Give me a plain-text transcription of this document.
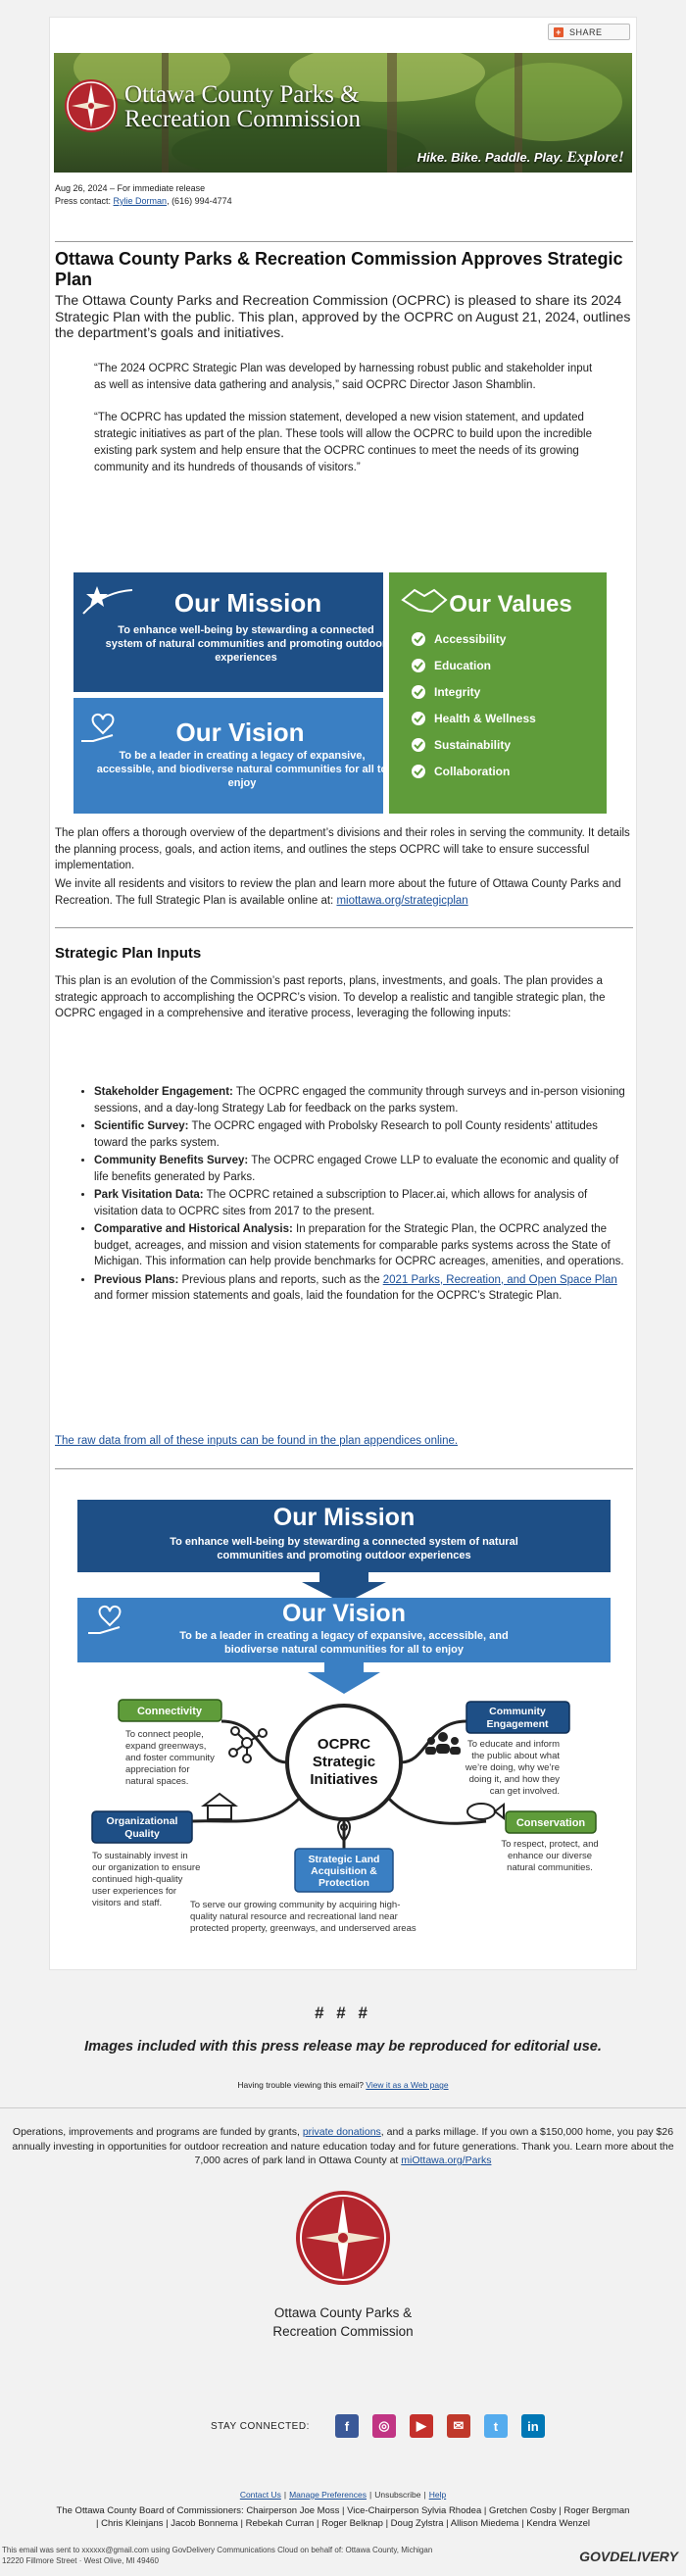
+ SHARE
Ottawa County Parks &
Recreation Commission
Hike. Bike. Paddle. Play. Explore!
Aug 26, 2024 – For immediate release
Press contact: Rylie Dorman, (616) 994-4774
Ottawa County Parks & Recreation Commission Approves Strategic Plan

The Ottawa County Parks and Recreation Commission (OCPRC) is pleased to share its 2024 Strategic Plan with the public. This plan, approved by the OCPRC on August 21, 2024, outlines the department’s goals and initiatives.

“The 2024 OCPRC Strategic Plan was developed by harnessing robust public and stakeholder input as well as intensive data gathering and analysis,” said OCPRC Director Jason Shamblin.

“The OCPRC has updated the mission statement, developed a new vision statement, and updated strategic initiatives as part of the plan. These tools will allow the OCPRC to build upon the incredible existing park system and help ensure that the OCPRC continues to meet the needs of its growing community and its hundreds of thousands of visitors.”

Our Mission
To enhance well-being by stewarding a connected system of natural communities and promoting outdoor experiences
Our Vision
To be a leader in creating a legacy of expansive, accessible, and biodiverse natural communities for all to enjoy
Our Values
Accessibility
Education
Integrity
Health & Wellness
Sustainability
Collaboration

The plan offers a thorough overview of the department’s divisions and their roles in serving the community. It details the planning process, goals, and action items, and outlines the steps OCPRC will take to ensure successful implementation.

We invite all residents and visitors to review the plan and learn more about the future of Ottawa County Parks and Recreation. The full Strategic Plan is available online at: miottawa.org/strategicplan

Strategic Plan Inputs

This plan is an evolution of the Commission’s past reports, plans, investments, and goals. The plan provides a strategic approach to accomplishing the OCPRC’s vision. To develop a realistic and tangible strategic plan, the OCPRC engaged in a comprehensive and iterative process, leveraging the following inputs:

• Stakeholder Engagement: The OCPRC engaged the community through surveys and in-person visioning sessions, and a day-long Strategy Lab for feedback on the parks system.
• Scientific Survey: The OCPRC engaged with Probolsky Research to poll County residents’ attitudes toward the parks system.
• Community Benefits Survey: The OCPRC engaged Crowe LLP to evaluate the economic and quality of life benefits generated by Parks.
• Park Visitation Data: The OCPRC retained a subscription to Placer.ai, which allows for analysis of visitation data to OCPRC sites from 2017 to the present.
• Comparative and Historical Analysis: In preparation for the Strategic Plan, the OCPRC analyzed the budget, acreages, and mission and vision statements for comparable parks systems across the State of Michigan. This information can help provide benchmarks for OCPRC acreages, amenities, and operations.
• Previous Plans: Previous plans and reports, such as the 2021 Parks, Recreation, and Open Space Plan and former mission statements and goals, laid the foundation for the OCPRC’s Strategic Plan.
The raw data from all of these inputs can be found in the plan appendices online.
Our Mission
To enhance well-being by stewarding a connected system of natural
communities and promoting outdoor experiences
Our Vision
To be a leader in creating a legacy of expansive, accessible, and
biodiverse natural communities for all to enjoy
OCPRC
Strategic
Initiatives
Connectivity
To connect people,
expand greenways,
and foster community
appreciation for
natural spaces.
Community
Engagement
To educate and inform
the public about what
we’re doing, why we’re
doing it, and how they
can get involved.
Organizational
Quality
To sustainably invest in
our organization to ensure
continued high-quality
user experiences for
visitors and staff.
Conservation
To respect, protect, and
enhance our diverse
natural communities.
Strategic Land
Acquisition &
Protection
To serve our growing community by acquiring high-
quality natural resource and recreational land near
protected property, greenways, and underserved areas
# # #
Images included with this press release may be reproduced for editorial use.
Having trouble viewing this email? View it as a Web page
Operations, improvements and programs are funded by grants, private donations, and a parks millage. If you own a $150,000 home, you pay $26 annually investing in opportunities for outdoor recreation and nature education today and for future generations. Thank you. Learn more about the 7,000 acres of park land in Ottawa County at miOttawa.org/Parks
Ottawa County Parks &
Recreation Commission
STAY CONNECTED:	f	◎	▶	✉	t	in
Contact Us | Manage Preferences | Unsubscribe | Help
The Ottawa County Board of Commissioners: Chairperson Joe Moss | Vice-Chairperson Sylvia Rhodea | Gretchen Cosby | Roger Bergman
| Chris Kleinjans | Jacob Bonnema | Rebekah Curran | Roger Belknap | Doug Zylstra | Allison Miedema | Kendra Wenzel
This email was sent to xxxxxx@gmail.com using GovDelivery Communications Cloud on behalf of: Ottawa County, Michigan
12220 Fillmore Street · West Olive, MI 49460	GOVDELIVERY
